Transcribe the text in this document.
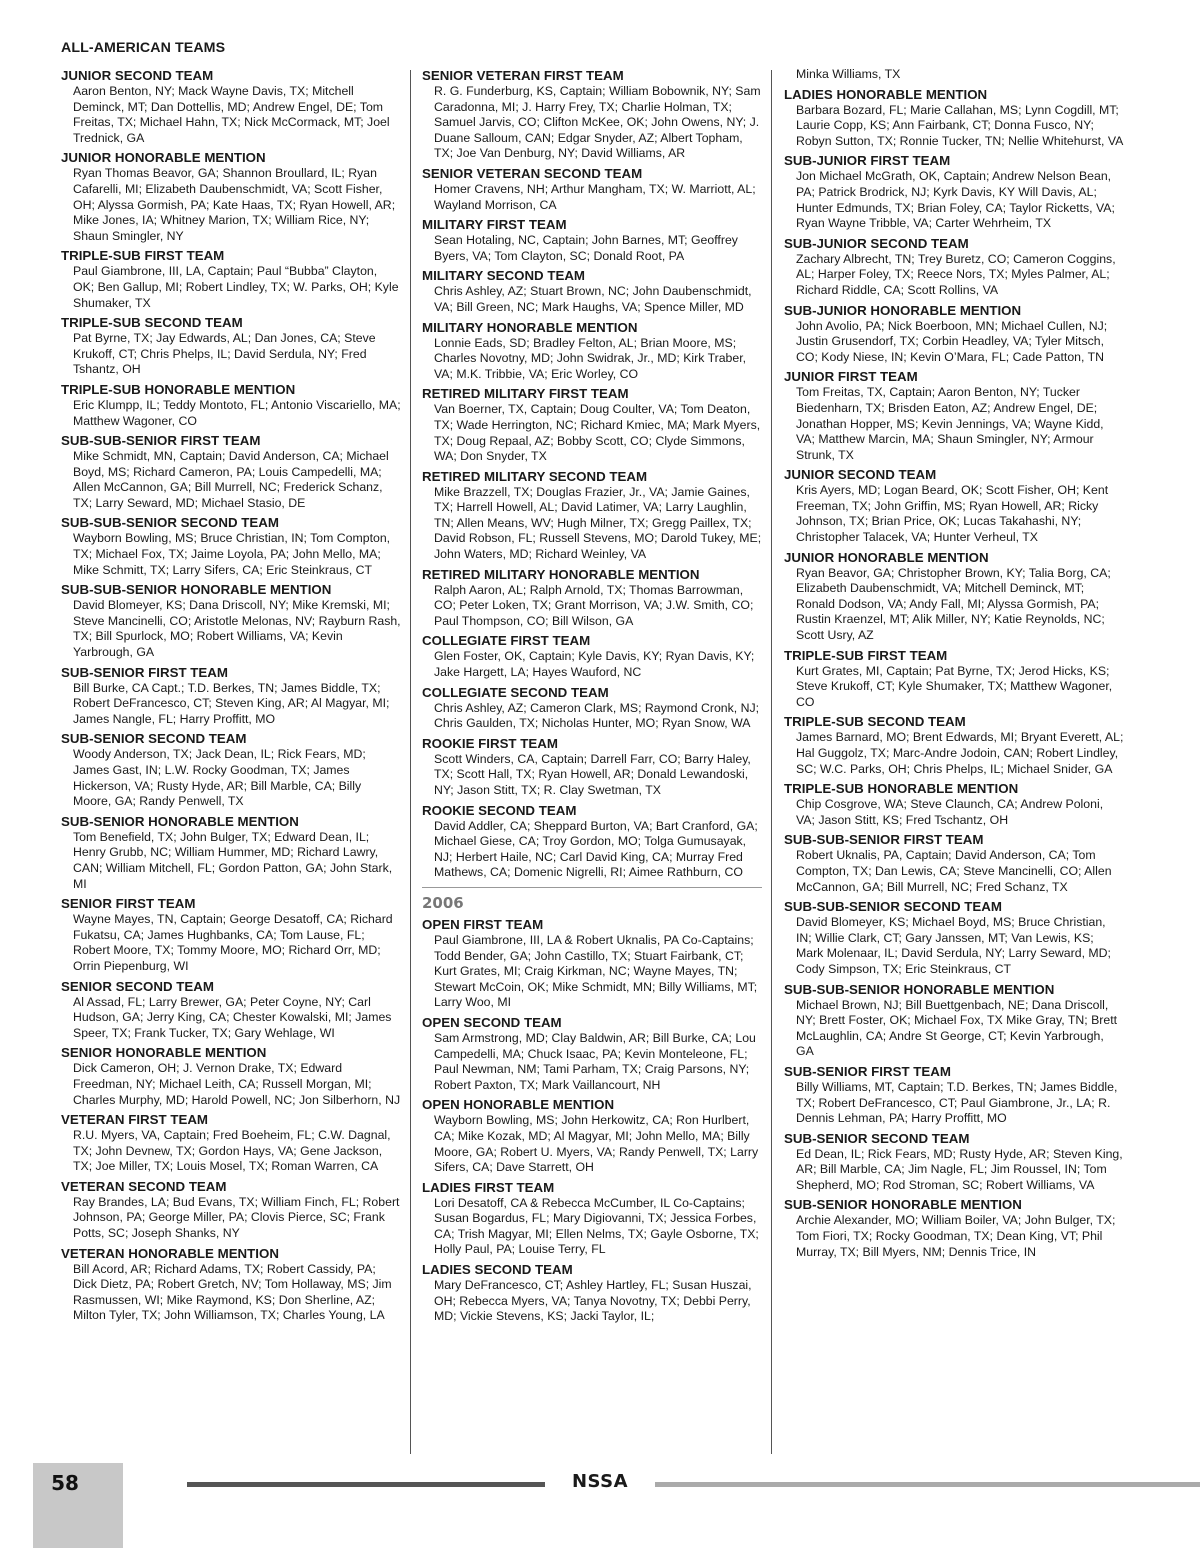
ALL-AMERICAN TEAMS
JUNIOR SECOND TEAM
Aaron Benton, NY; Mack Wayne Davis, TX; Mitchell Deminck, MT; Dan Dottellis, MD; Andrew Engel, DE; Tom Freitas, TX; Michael Hahn, TX; Nick McCormack, MT; Joel Trednick, GA
JUNIOR HONORABLE MENTION
Ryan Thomas Beavor, GA; Shannon Broullard, IL; Ryan Cafarelli, MI; Elizabeth Daubenschmidt, VA; Scott Fisher, OH; Alyssa Gormish, PA; Kate Haas, TX; Ryan Howell, AR; Mike Jones, IA; Whitney Marion, TX; William Rice, NY; Shaun Smingler, NY
TRIPLE-SUB FIRST TEAM
Paul Giambrone, III, LA, Captain; Paul “Bubba” Clayton, OK; Ben Gallup, MI; Robert Lindley, TX; W. Parks, OH; Kyle Shumaker, TX
TRIPLE-SUB SECOND TEAM
Pat Byrne, TX; Jay Edwards, AL; Dan Jones, CA; Steve Krukoff, CT; Chris Phelps, IL; David Serdula, NY; Fred Tshantz, OH
TRIPLE-SUB HONORABLE MENTION
Eric Klumpp, IL; Teddy Montoto, FL; Antonio Viscariello, MA; Matthew Wagoner, CO
SUB-SUB-SENIOR FIRST TEAM
Mike Schmidt, MN, Captain; David Anderson, CA; Michael Boyd, MS; Richard Cameron, PA; Louis Campedelli, MA; Allen McCannon, GA; Bill Murrell, NC; Frederick Schanz, TX; Larry Seward, MD; Michael Stasio, DE
SUB-SUB-SENIOR SECOND TEAM
Wayborn Bowling, MS; Bruce Christian, IN; Tom Compton, TX; Michael Fox, TX; Jaime Loyola, PA; John Mello, MA; Mike Schmitt, TX; Larry Sifers, CA; Eric Steinkraus, CT
SUB-SUB-SENIOR HONORABLE MENTION
David Blomeyer, KS; Dana Driscoll, NY; Mike Kremski, MI; Steve Mancinelli, CO; Aristotle Melonas, NV; Rayburn Rash, TX; Bill Spurlock, MO; Robert Williams, VA; Kevin Yarbrough, GA
SUB-SENIOR FIRST TEAM
Bill Burke, CA Capt.; T.D. Berkes, TN; James Biddle, TX; Robert DeFrancesco, CT; Steven King, AR; Al Magyar, MI; James Nangle, FL; Harry Proffitt, MO
SUB-SENIOR SECOND TEAM
Woody Anderson, TX; Jack Dean, IL; Rick Fears, MD; James Gast, IN; L.W. Rocky Goodman, TX; James Hickerson, VA; Rusty Hyde, AR; Bill Marble, CA; Billy Moore, GA; Randy Penwell, TX
SUB-SENIOR HONORABLE MENTION
Tom Benefield, TX; John Bulger, TX; Edward Dean, IL; Henry Grubb, NC; William Hummer, MD; Richard Lawry, CAN; William Mitchell, FL; Gordon Patton, GA; John Stark, MI
SENIOR FIRST TEAM
Wayne Mayes, TN, Captain; George Desatoff, CA; Richard Fukatsu, CA; James Hughbanks, CA; Tom Lause, FL; Robert Moore, TX; Tommy Moore, MO; Richard Orr, MD; Orrin Piepenburg, WI
SENIOR SECOND TEAM
Al Assad, FL; Larry Brewer, GA; Peter Coyne, NY; Carl Hudson, GA; Jerry King, CA; Chester Kowalski, MI; James Speer, TX; Frank Tucker, TX; Gary Wehlage, WI
SENIOR HONORABLE MENTION
Dick Cameron, OH; J. Vernon Drake, TX; Edward Freedman, NY; Michael Leith, CA; Russell Morgan, MI; Charles Murphy, MD; Harold Powell, NC; Jon Silberhorn, NJ
VETERAN FIRST TEAM
R.U. Myers, VA, Captain; Fred Boeheim, FL; C.W. Dagnal, TX; John Devnew, TX; Gordon Hays, VA; Gene Jackson, TX; Joe Miller, TX; Louis Mosel, TX; Roman Warren, CA
VETERAN SECOND TEAM
Ray Brandes, LA; Bud Evans, TX; William Finch, FL; Robert Johnson, PA; George Miller, PA; Clovis Pierce, SC; Frank Potts, SC; Joseph Shanks, NY
VETERAN HONORABLE MENTION
Bill Acord, AR; Richard Adams, TX; Robert Cassidy, PA; Dick Dietz, PA; Robert Gretch, NV; Tom Hollaway, MS; Jim Rasmussen, WI; Mike Raymond, KS; Don Sherline, AZ; Milton Tyler, TX; John Williamson, TX; Charles Young, LA
SENIOR VETERAN FIRST TEAM
R. G. Funderburg, KS, Captain; William Bobownik, NY; Sam Caradonna, MI; J. Harry Frey, TX; Charlie Holman, TX; Samuel Jarvis, CO; Clifton McKee, OK; John Owens, NY; J. Duane Salloum, CAN; Edgar Snyder, AZ; Albert Topham, TX; Joe Van Denburg, NY; David Williams, AR
SENIOR VETERAN SECOND TEAM
Homer Cravens, NH; Arthur Mangham, TX; W. Marriott, AL; Wayland Morrison, CA
MILITARY FIRST TEAM
Sean Hotaling, NC, Captain; John Barnes, MT; Geoffrey Byers, VA; Tom Clayton, SC; Donald Root, PA
MILITARY SECOND TEAM
Chris Ashley, AZ; Stuart Brown, NC; John Daubenschmidt, VA; Bill Green, NC; Mark Haughs, VA; Spence Miller, MD
MILITARY HONORABLE MENTION
Lonnie Eads, SD; Bradley Felton, AL; Brian Moore, MS; Charles Novotny, MD; John Swidrak, Jr., MD; Kirk Traber, VA; M.K. Tribbie, VA; Eric Worley, CO
RETIRED MILITARY FIRST TEAM
Van Boerner, TX, Captain; Doug Coulter, VA; Tom Deaton, TX; Wade Herrington, NC; Richard Kmiec, MA; Mark Myers, TX; Doug Repaal, AZ; Bobby Scott, CO; Clyde Simmons, WA; Don Snyder, TX
RETIRED MILITARY SECOND TEAM
Mike Brazzell, TX; Douglas Frazier, Jr., VA; Jamie Gaines, TX; Harrell Howell, AL; David Latimer, VA; Larry Laughlin, TN; Allen Means, WV; Hugh Milner, TX; Gregg Paillex, TX; David Robson, FL; Russell Stevens, MO; Darold Tukey, ME; John Waters, MD; Richard Weinley, VA
RETIRED MILITARY HONORABLE MENTION
Ralph Aaron, AL; Ralph Arnold, TX; Thomas Barrowman, CO; Peter Loken, TX; Grant Morrison, VA; J.W. Smith, CO; Paul Thompson, CO; Bill Wilson, GA
COLLEGIATE FIRST TEAM
Glen Foster, OK, Captain; Kyle Davis, KY; Ryan Davis, KY; Jake Hargett, LA; Hayes Wauford, NC
COLLEGIATE SECOND TEAM
Chris Ashley, AZ; Cameron Clark, MS; Raymond Cronk, NJ; Chris Gaulden, TX; Nicholas Hunter, MO; Ryan Snow, WA
ROOKIE FIRST TEAM
Scott Winders, CA, Captain; Darrell Farr, CO; Barry Haley, TX; Scott Hall, TX; Ryan Howell, AR; Donald Lewandoski, NY; Jason Stitt, TX; R. Clay Swetman, TX
ROOKIE SECOND TEAM
David Addler, CA; Sheppard Burton, VA; Bart Cranford, GA; Michael Giese, CA; Troy Gordon, MO; Tolga Gumusayak, NJ; Herbert Haile, NC; Carl David King, CA; Murray Fred Mathews, CA; Domenic Nigrelli, RI; Aimee Rathburn, CO
2006
OPEN FIRST TEAM
Paul Giambrone, III, LA & Robert Uknalis, PA Co-Captains; Todd Bender, GA; John Castillo, TX; Stuart Fairbank, CT; Kurt Grates, MI; Craig Kirkman, NC; Wayne Mayes, TN; Stewart McCoin, OK; Mike Schmidt, MN; Billy Williams, MT; Larry Woo, MI
OPEN SECOND TEAM
Sam Armstrong, MD; Clay Baldwin, AR; Bill Burke, CA; Lou Campedelli, MA; Chuck Isaac, PA; Kevin Monteleone, FL; Paul Newman, NM; Tami Parham, TX; Craig Parsons, NY; Robert Paxton, TX; Mark Vaillancourt, NH
OPEN HONORABLE MENTION
Wayborn Bowling, MS; John Herkowitz, CA; Ron Hurlbert, CA; Mike Kozak, MD; Al Magyar, MI; John Mello, MA; Billy Moore, GA; Robert U. Myers, VA; Randy Penwell, TX; Larry Sifers, CA; Dave Starrett, OH
LADIES FIRST TEAM
Lori Desatoff, CA & Rebecca McCumber, IL Co-Captains; Susan Bogardus, FL; Mary Digiovanni, TX; Jessica Forbes, CA; Trish Magyar, MI; Ellen Nelms, TX; Gayle Osborne, TX; Holly Paul, PA; Louise Terry, FL
LADIES SECOND TEAM
Mary DeFrancesco, CT; Ashley Hartley, FL; Susan Huszai, OH; Rebecca Myers, VA; Tanya Novotny, TX; Debbi Perry, MD; Vickie Stevens, KS; Jacki Taylor, IL;
Minka Williams, TX
LADIES HONORABLE MENTION
Barbara Bozard, FL; Marie Callahan, MS; Lynn Cogdill, MT; Laurie Copp, KS; Ann Fairbank, CT; Donna Fusco, NY; Robyn Sutton, TX; Ronnie Tucker, TN; Nellie Whitehurst, VA
SUB-JUNIOR FIRST TEAM
Jon Michael McGrath, OK, Captain; Andrew Nelson Bean, PA; Patrick Brodrick, NJ; Kyrk Davis, KY Will Davis, AL; Hunter Edmunds, TX; Brian Foley, CA; Taylor Ricketts, VA; Ryan Wayne Tribble, VA; Carter Wehrheim, TX
SUB-JUNIOR SECOND TEAM
Zachary Albrecht, TN; Trey Buretz, CO; Cameron Coggins, AL; Harper Foley, TX; Reece Nors, TX; Myles Palmer, AL; Richard Riddle, CA; Scott Rollins, VA
SUB-JUNIOR HONORABLE MENTION
John Avolio, PA; Nick Boerboon, MN; Michael Cullen, NJ; Justin Grusendorf, TX; Corbin Headley, VA; Tyler Mitsch, CO; Kody Niese, IN; Kevin O’Mara, FL; Cade Patton, TN
JUNIOR FIRST TEAM
Tom Freitas, TX, Captain; Aaron Benton, NY; Tucker Biedenharn, TX; Brisden Eaton, AZ; Andrew Engel, DE; Jonathan Hopper, MS; Kevin Jennings, VA; Wayne Kidd, VA; Matthew Marcin, MA; Shaun Smingler, NY; Armour Strunk, TX
JUNIOR SECOND TEAM
Kris Ayers, MD; Logan Beard, OK; Scott Fisher, OH; Kent Freeman, TX; John Griffin, MS; Ryan Howell, AR; Ricky Johnson, TX; Brian Price, OK; Lucas Takahashi, NY; Christopher Talacek, VA; Hunter Verheul, TX
JUNIOR HONORABLE MENTION
Ryan Beavor, GA; Christopher Brown, KY; Talia Borg, CA; Elizabeth Daubenschmidt, VA; Mitchell Deminck, MT; Ronald Dodson, VA; Andy Fall, MI; Alyssa Gormish, PA; Rustin Kraenzel, MT; Alik Miller, NY; Katie Reynolds, NC; Scott Usry, AZ
TRIPLE-SUB FIRST TEAM
Kurt Grates, MI, Captain; Pat Byrne, TX; Jerod Hicks, KS; Steve Krukoff, CT; Kyle Shumaker, TX; Matthew Wagoner, CO
TRIPLE-SUB SECOND TEAM
James Barnard, MO; Brent Edwards, MI; Bryant Everett, AL; Hal Guggolz, TX; Marc-Andre Jodoin, CAN; Robert Lindley, SC; W.C. Parks, OH; Chris Phelps, IL; Michael Snider, GA
TRIPLE-SUB HONORABLE MENTION
Chip Cosgrove, WA; Steve Claunch, CA; Andrew Poloni, VA; Jason Stitt, KS; Fred Tschantz, OH
SUB-SUB-SENIOR FIRST TEAM
Robert Uknalis, PA, Captain; David Anderson, CA; Tom Compton, TX; Dan Lewis, CA; Steve Mancinelli, CO; Allen McCannon, GA; Bill Murrell, NC; Fred Schanz, TX
SUB-SUB-SENIOR SECOND TEAM
David Blomeyer, KS; Michael Boyd, MS; Bruce Christian, IN; Willie Clark, CT; Gary Janssen, MT; Van Lewis, KS; Mark Molenaar, IL; David Serdula, NY; Larry Seward, MD; Cody Simpson, TX; Eric Steinkraus, CT
SUB-SUB-SENIOR HONORABLE MENTION
Michael Brown, NJ; Bill Buettgenbach, NE; Dana Driscoll, NY; Brett Foster, OK; Michael Fox, TX Mike Gray, TN; Brett McLaughlin, CA; Andre St George, CT; Kevin Yarbrough, GA
SUB-SENIOR FIRST TEAM
Billy Williams, MT, Captain; T.D. Berkes, TN; James Biddle, TX; Robert DeFrancesco, CT; Paul Giambrone, Jr., LA; R. Dennis Lehman, PA; Harry Proffitt, MO
SUB-SENIOR SECOND TEAM
Ed Dean, IL; Rick Fears, MD; Rusty Hyde, AR; Steven King, AR; Bill Marble, CA; Jim Nagle, FL; Jim Roussel, IN; Tom Shepherd, MO; Rod Stroman, SC; Robert Williams, VA
SUB-SENIOR HONORABLE MENTION
Archie Alexander, MO; William Boiler, VA; John Bulger, TX; Tom Fiori, TX; Rocky Goodman, TX; Dean King, VT; Phil Murray, TX; Bill Myers, NM; Dennis Trice, IN
58	NSSA
